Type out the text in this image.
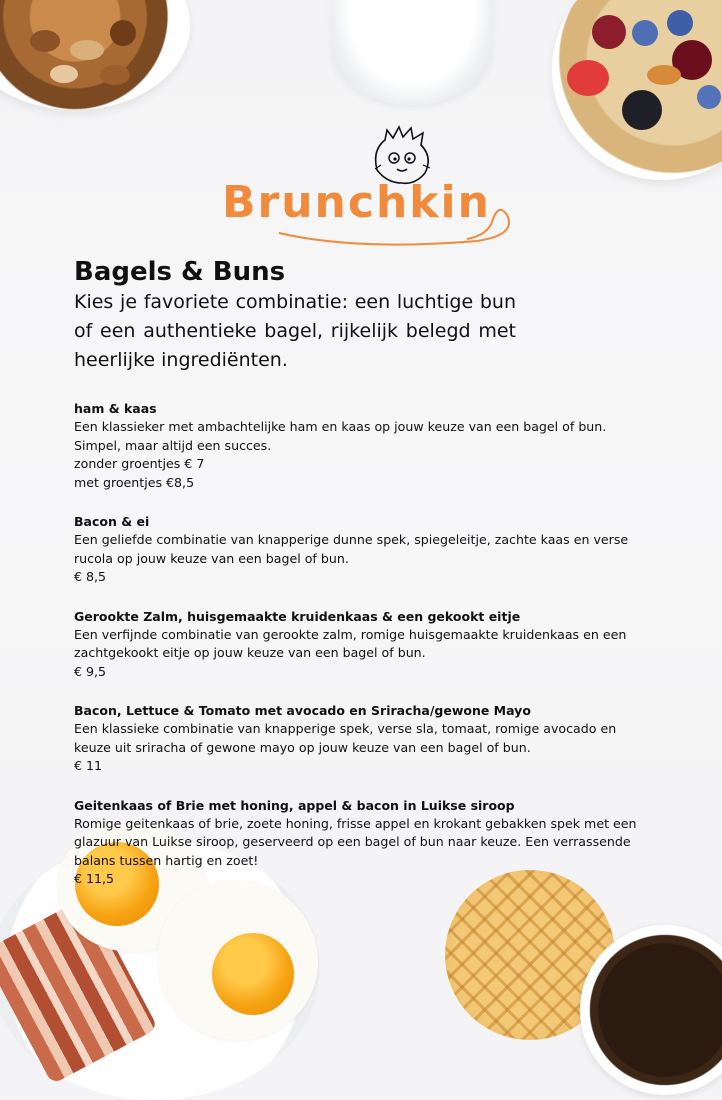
Brunchkin
Bagels & Buns

Kies je favoriete combinatie: een luchtige bun of een authentieke bagel, rijkelijk belegd met heerlijke ingrediënten.

ham & kaas

Een klassieker met ambachtelijke ham en kaas op jouw keuze van een bagel of bun. Simpel, maar altijd een succes.

zonder groentjes € 7

met groentjes €8,5

Bacon & ei

Een geliefde combinatie van knapperige dunne spek, spiegeleitje, zachte kaas en verse rucola op jouw keuze van een bagel of bun.

€ 8,5

Gerookte Zalm, huisgemaakte kruidenkaas & een gekookt eitje

Een verfijnde combinatie van gerookte zalm, romige huisgemaakte kruidenkaas en een zachtgekookt eitje op jouw keuze van een bagel of bun.

€ 9,5

Bacon, Lettuce & Tomato met avocado en Sriracha/gewone Mayo

Een klassieke combinatie van knapperige spek, verse sla, tomaat, romige avocado en keuze uit sriracha of gewone mayo op jouw keuze van een bagel of bun.

€ 11

Geitenkaas of Brie met honing, appel & bacon in Luikse siroop

Romige geitenkaas of brie, zoete honing, frisse appel en krokant gebakken spek met een glazuur van Luikse siroop, geserveerd op een bagel of bun naar keuze. Een verrassende balans tussen hartig en zoet!

€ 11,5
